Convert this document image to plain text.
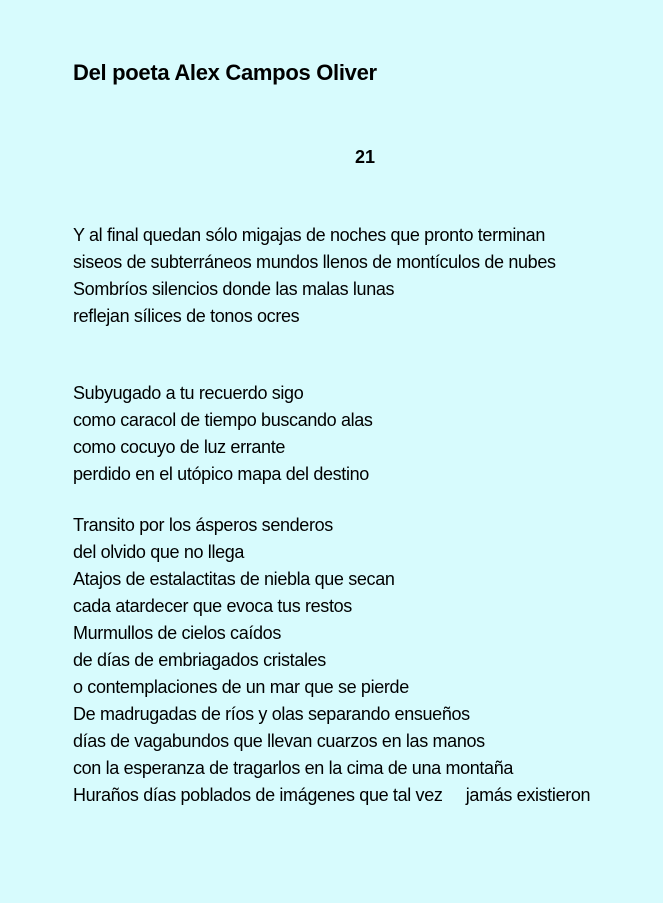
Del poeta Alex Campos Oliver
21
Y al final quedan sólo migajas de noches que pronto terminan
siseos de subterráneos mundos llenos de montículos de nubes
Sombríos silencios donde las malas lunas
reflejan sílices de tonos ocres
Subyugado a tu recuerdo sigo
como caracol de tiempo buscando alas
como cocuyo de luz errante
perdido en el utópico mapa del destino
Transito por los ásperos senderos
del olvido que no llega
Atajos de estalactitas de niebla que secan
cada atardecer que evoca tus restos
Murmullos de cielos caídos
de días de embriagados cristales
o contemplaciones de un mar que se pierde
De madrugadas de ríos y olas separando ensueños
días de vagabundos que llevan cuarzos en las manos
con la esperanza de tragarlos en la cima de una montaña
Huraños días poblados de imágenes que tal vez     jamás existieron
